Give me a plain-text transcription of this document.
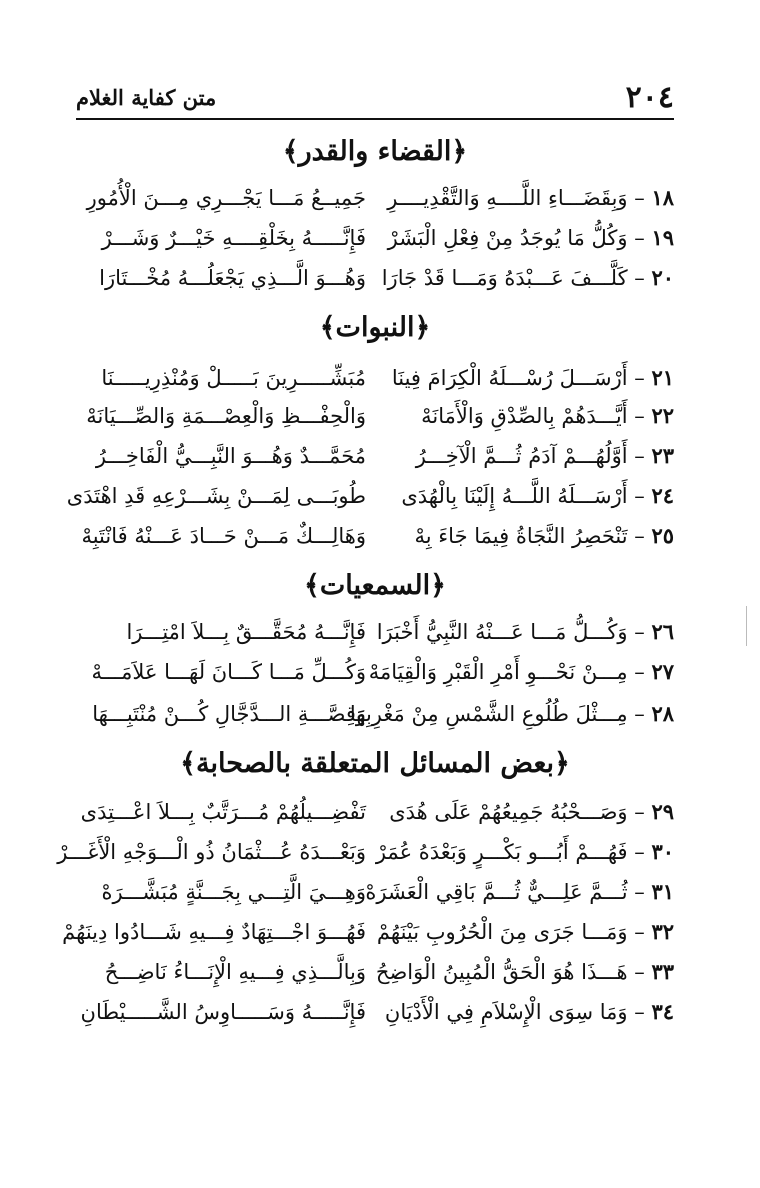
٢٠٤
متن كفاية الغلام
﴿القضاء والقدر﴾
١٨ – وَبِقَضَـــاءِ اللَّــــهِ وَالتَّقْدِيــــرِ
جَمِيــعُ مَـــا يَجْـــرِي مِـــنَ الْأُمُورِ
١٩ – وَكُلُّ مَا يُوجَدُ مِنْ فِعْلِ الْبَشَرْ
فَإِنَّـــــهُ بِخَلْقِــــهِ خَيْـــرٌ وَشَـــرْ
٢٠ – كَلَّـــفَ عَـــبْدَهُ وَمَـــا قَدْ جَارَا
وَهُـــوَ الَّـــذِي يَجْعَلُـــهُ مُخْـــتَارَا
﴿النبوات﴾
٢١ – أَرْسَـــلَ رُسْـــلَهُ الْكِرَامَ فِينَا
مُبَشِّـــــرِينَ بَـــــلْ وَمُنْذِرِيـــــنَا
٢٢ – أَيَّـــدَهُمْ بِالصِّدْقِ وَالْأَمَانَهْ
وَالْحِفْـــظِ وَالْعِصْـــمَةِ وَالصِّـــيَانَهْ
٢٣ – أَوَّلُهُـــمْ آدَمُ ثُـــمَّ الْآخِـــرُ
مُحَمَّـــدٌ وَهُـــوَ النَّبِـــيُّ الْفَاخِـــرُ
٢٤ – أَرْسَـــلَهُ اللَّـــهُ إِلَيْنَا بِالْهُدَى
طُوبَـــى لِمَـــنْ بِشَـــرْعِهِ قَدِ اهْتَدَى
٢٥ – تَنْحَصِرُ النَّجَاةُ فِيمَا جَاءَ بِهْ
وَهَالِـــكٌ مَـــنْ حَـــادَ عَـــنْهُ فَانْتَبِهْ
﴿السمعيات﴾
٢٦ – وَكُـــلُّ مَـــا عَـــنْهُ النَّبِيُّ أَخْبَرَا
فَإِنَّـــهُ مُحَقَّـــقٌ بِـــلاَ امْتِـــرَا
٢٧ – مِـــنْ نَحْـــوِ أَمْرِ الْقَبْرِ وَالْقِيَامَهْ
وَكُـــلِّ مَـــا كَـــانَ لَهَـــا عَلاَمَـــهْ
٢٨ – مِـــثْلَ طُلُوعِ الشَّمْسِ مِنْ مَغْرِبِهَا
وَقِصَّـــةِ الـــدَّجَّالِ كُـــنْ مُنْتَبِـــهَا
﴿بعض المسائل المتعلقة بالصحابة﴾
٢٩ – وَصَـــحْبُهُ جَمِيعُهُمْ عَلَى هُدَى
تَفْضِـــيلُهُمْ مُـــرَتَّبٌ بِـــلاَ اعْـــتِدَى
٣٠ – فَهُـــمْ أَبُـــو بَكْـــرٍ وَبَعْدَهُ عُمَرْ
وَبَعْـــدَهُ عُـــثْمَانُ ذُو الْـــوَجْهِ الْأَغَـــرْ
٣١ – ثُـــمَّ عَلِـــيٌّ ثُـــمَّ بَاقِي الْعَشَرَهْ
وَهِـــيَ الَّتِـــي بِجَـــنَّةٍ مُبَشَّـــرَهْ
٣٢ – وَمَـــا جَرَى مِنَ الْحُرُوبِ بَيْنَهُمْ
فَهُـــوَ اجْـــتِهَادٌ فِـــيهِ شَـــادُوا دِينَهُمْ
٣٣ – هَـــذَا هُوَ الْحَقُّ الْمُبِينُ الْوَاضِحُ
وَبِالَّـــذِي فِـــيهِ الْإِنَـــاءُ نَاضِـــحُ
٣٤ – وَمَا سِوَى الْإِسْلاَمِ فِي الْأَدْيَانِ
فَإِنَّـــــهُ وَسَـــــاوِسُ الشَّـــــيْطَانِ
